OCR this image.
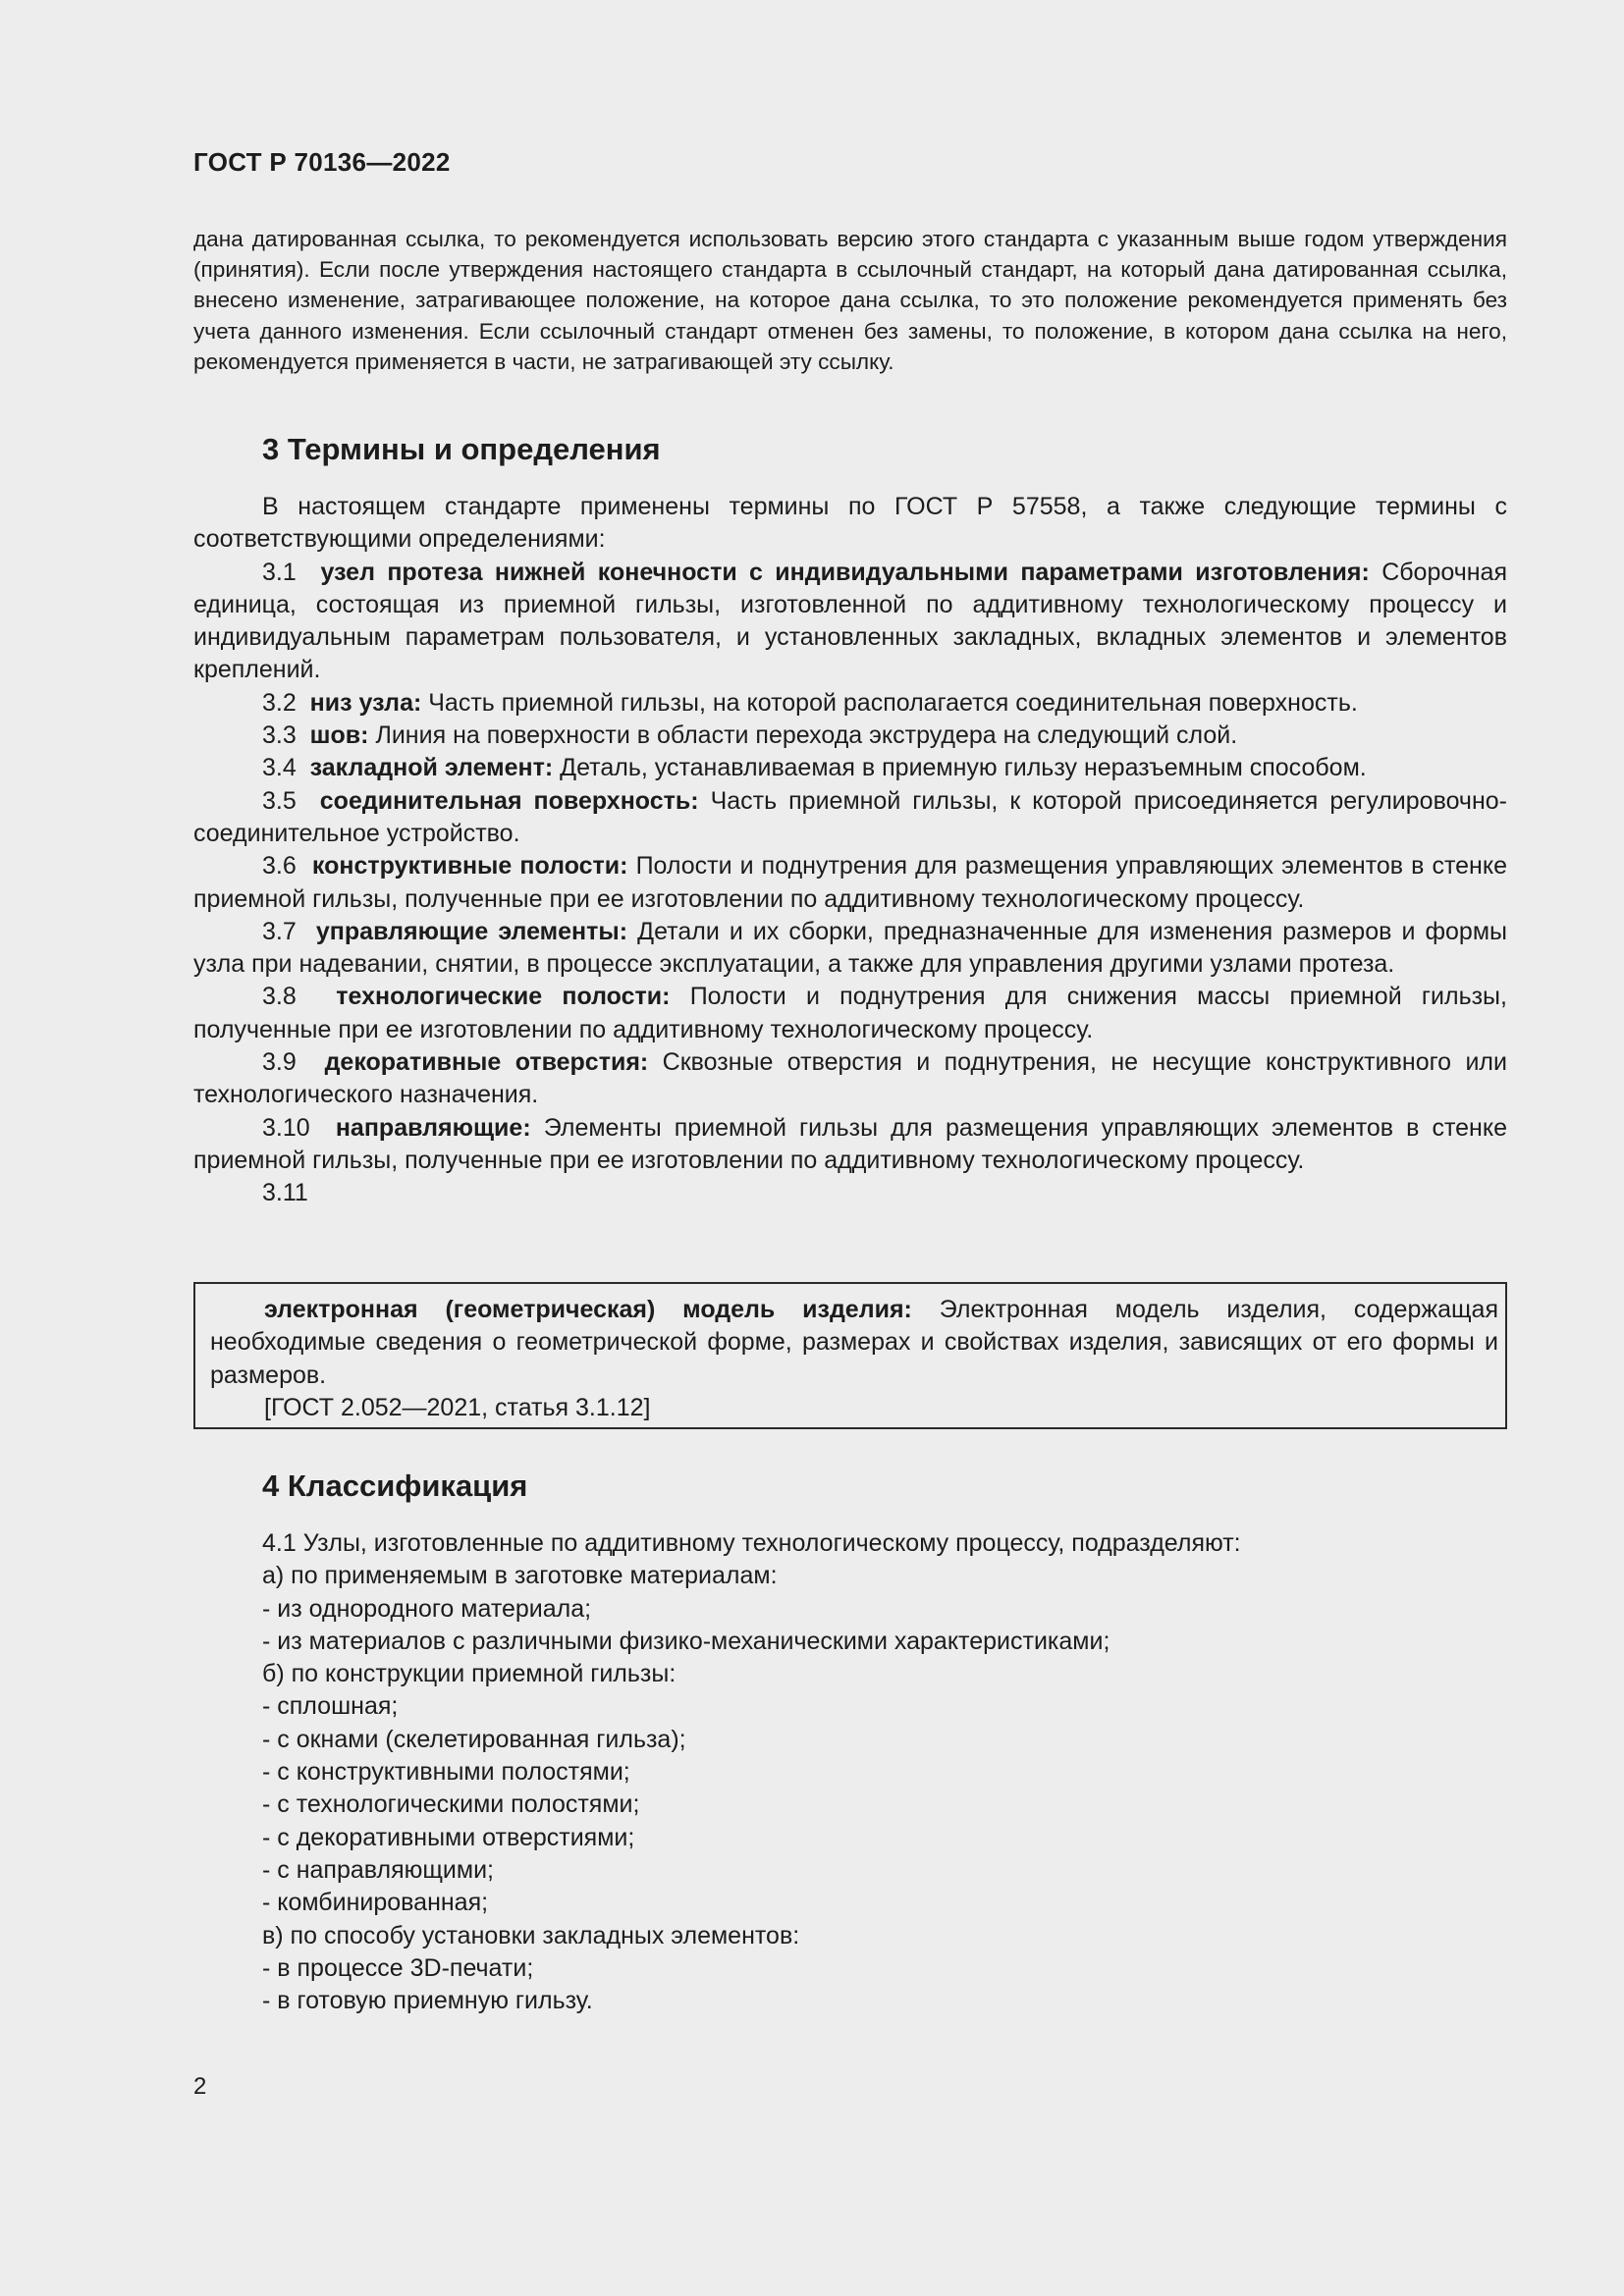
ГОСТ Р 70136—2022

дана датированная ссылка, то рекомендуется использовать версию этого стандарта с указанным выше годом утверждения (принятия). Если после утверждения настоящего стандарта в ссылочный стандарт, на который дана датированная ссылка, внесено изменение, затрагивающее положение, на которое дана ссылка, то это положение рекомендуется применять без учета данного изменения. Если ссылочный стандарт отменен без замены, то положение, в котором дана ссылка на него, рекомендуется применяется в части, не затрагивающей эту ссылку.

3 Термины и определения

В настоящем стандарте применены термины по ГОСТ Р 57558, а также следующие термины с соответствующими определениями:

3.1 узел протеза нижней конечности с индивидуальными параметрами изготовления: Сборочная единица, состоящая из приемной гильзы, изготовленной по аддитивному технологическому процессу и индивидуальным параметрам пользователя, и установленных закладных, вкладных элементов и элементов креплений.

3.2 низ узла: Часть приемной гильзы, на которой располагается соединительная поверхность.

3.3 шов: Линия на поверхности в области перехода экструдера на следующий слой.

3.4 закладной элемент: Деталь, устанавливаемая в приемную гильзу неразъемным способом.

3.5 соединительная поверхность: Часть приемной гильзы, к которой присоединяется регулировочно-соединительное устройство.

3.6 конструктивные полости: Полости и поднутрения для размещения управляющих элементов в стенке приемной гильзы, полученные при ее изготовлении по аддитивному технологическому процессу.

3.7 управляющие элементы: Детали и их сборки, предназначенные для изменения размеров и формы узла при надевании, снятии, в процессе эксплуатации, а также для управления другими узлами протеза.

3.8 технологические полости: Полости и поднутрения для снижения массы приемной гильзы, полученные при ее изготовлении по аддитивному технологическому процессу.

3.9 декоративные отверстия: Сквозные отверстия и поднутрения, не несущие конструктивного или технологического назначения.

3.10 направляющие: Элементы приемной гильзы для размещения управляющих элементов в стенке приемной гильзы, полученные при ее изготовлении по аддитивному технологическому процессу.

3.11

электронная (геометрическая) модель изделия: Электронная модель изделия, содержащая необходимые сведения о геометрической форме, размерах и свойствах изделия, зависящих от его формы и размеров.

[ГОСТ 2.052—2021, статья 3.1.12]

4 Классификация

4.1 Узлы, изготовленные по аддитивному технологическому процессу, подразделяют:

а) по применяемым в заготовке материалам:

- из однородного материала;

- из материалов с различными физико-механическими характеристиками;

б) по конструкции приемной гильзы:

- сплошная;

- с окнами (скелетированная гильза);

- с конструктивными полостями;

- с технологическими полостями;

- с декоративными отверстиями;

- с направляющими;

- комбинированная;

в) по способу установки закладных элементов:

- в процессе 3D-печати;

- в готовую приемную гильзу.

2
